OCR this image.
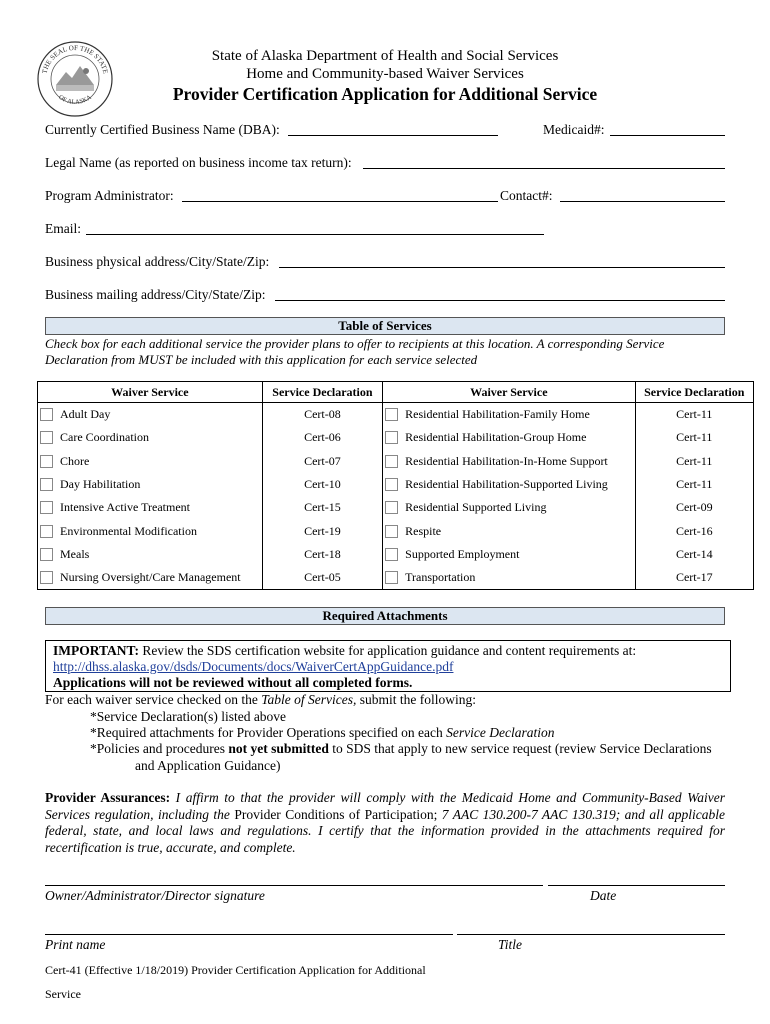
THE SEAL OF THE STATE
OF ALASKA
State of Alaska Department of Health and Social Services
Home and Community-based Waiver Services
Provider Certification Application for Additional Service
Currently Certified Business Name (DBA):	Medicaid#:
Legal Name (as reported on business income tax return):
Program Administrator:	Contact#:
Email:
Business physical address/City/State/Zip:
Business mailing address/City/State/Zip:
Table of Services
Check box for each additional service the provider plans to offer to recipients at this location. A corresponding Service
Declaration from MUST be included with this application for each service selected
Waiver Service	Service Declaration	Waiver Service	Service Declaration

Adult Day	Cert-08	Residential Habilitation-Family Home	Cert-11

Care Coordination	Cert-06	Residential Habilitation-Group Home	Cert-11

Chore	Cert-07	Residential Habilitation-In-Home Support	Cert-11

Day Habilitation	Cert-10	Residential Habilitation-Supported Living	Cert-11

Intensive Active Treatment	Cert-15	Residential Supported Living	Cert-09

Environmental Modification	Cert-19	Respite	Cert-16

Meals	Cert-18	Supported Employment	Cert-14

Nursing Oversight/Care Management	Cert-05	Transportation	Cert-17
Required Attachments
IMPORTANT: Review the SDS certification website for application guidance and content requirements at:
http://dhss.alaska.gov/dsds/Documents/docs/WaiverCertAppGuidance.pdf
Applications will not be reviewed without all completed forms.
For each waiver service checked on the Table of Services, submit the following:
*Service Declaration(s) listed above
*Required attachments for Provider Operations specified on each Service Declaration
*Policies and procedures not yet submitted to SDS that apply to new service request (review Service Declarations
and Application Guidance)
Provider Assurances: I affirm to that the provider will comply with the Medicaid Home and Community-Based Waiver Services regulation, including the Provider Conditions of Participation; 7 AAC 130.200-7 AAC 130.319; and all applicable federal, state, and local laws and regulations. I certify that the information provided in the attachments required for recertification is true, accurate, and complete.
Owner/Administrator/Director signature	Date
Print name	Title
Cert-41 (Effective 1/18/2019) Provider Certification Application for Additional
Service
